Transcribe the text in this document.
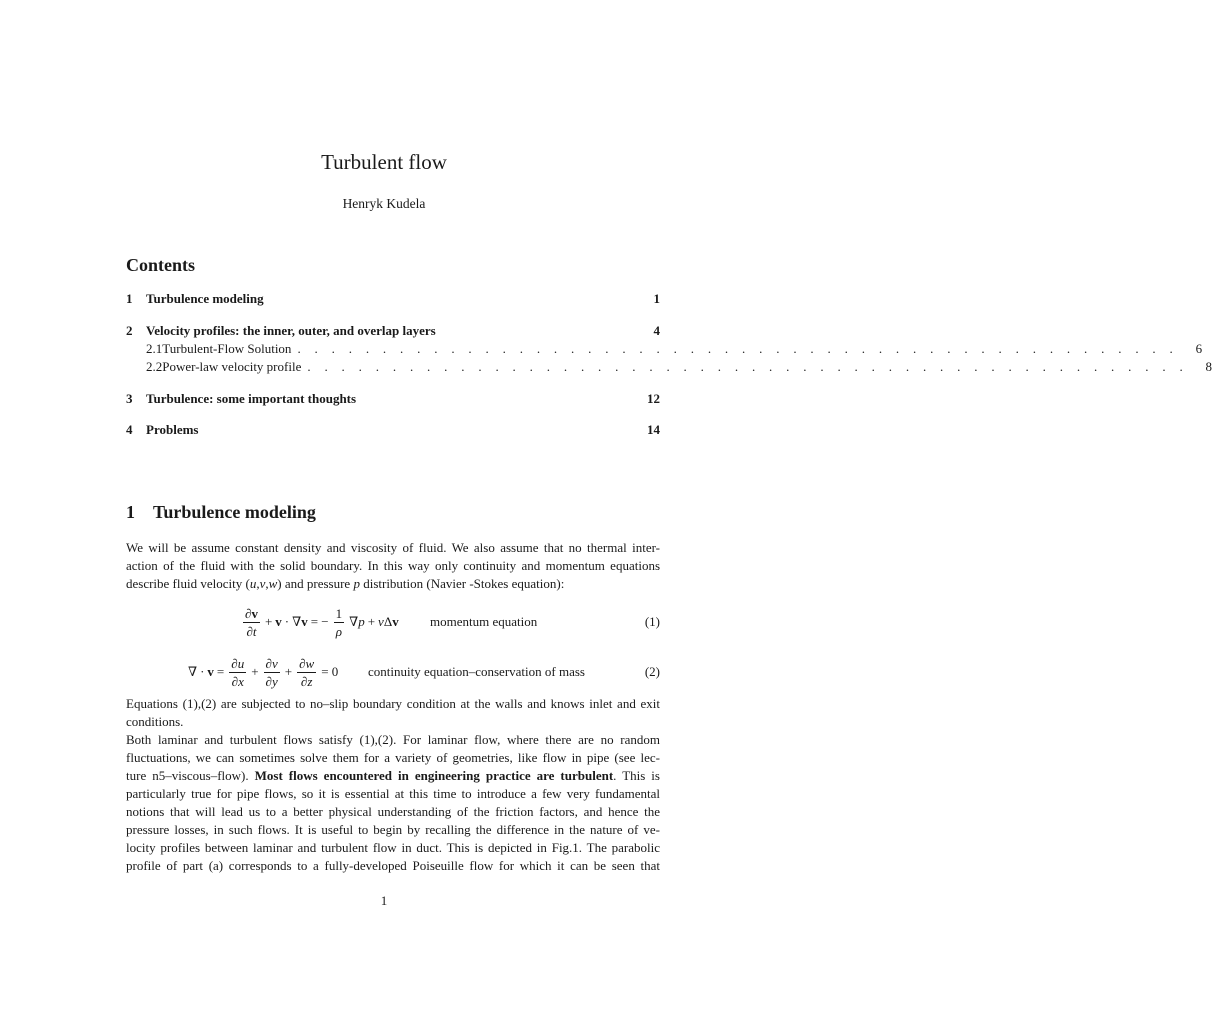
Turbulent flow
Henryk Kudela
Contents
1	Turbulence modeling	1
2	Velocity profiles: the inner, outer, and overlap layers	4
2.1 Turbulent-Flow Solution . . . . . . . . . . . . . . . . . . . . . . . . . . . . . . . . . . . . . . . . . . . . . . . . . . . .	6
2.2 Power-law velocity profile . . . . . . . . . . . . . . . . . . . . . . . . . . . . . . . . . . . . . . . . . . . . . . . . . . . .	8
3	Turbulence: some important thoughts	12
4	Problems	14
1 Turbulence modeling
We will be assume constant density and viscosity of fluid. We also assume that no thermal inter-
action of the fluid with the solid boundary. In this way only continuity and momentum equations
describe fluid velocity (u,v,w) and pressure p distribution (Navier -Stokes equation):
$\frac{\partial v}{\partial t} + v$ · ∇ v = − $\frac{1}{\rho}$ ∇ p + ν Δ v momentum equation	(1)
∇ · $v = \frac{\partial u}{\partial x} + \frac{\partial v}{\partial y} + \frac{\partial w}{\partial z} = 0$ continuity equation–conservation of mass	(2)
Equations (1),(2) are subjected to no–slip boundary condition at the walls and knows inlet and exit
conditions.
Both laminar and turbulent flows satisfy (1),(2). For laminar flow, where there are no random
fluctuations, we can sometimes solve them for a variety of geometries, like flow in pipe (see lec-
ture n5–viscous–flow). Most flows encountered in engineering practice are turbulent. This is
particularly true for pipe flows, so it is essential at this time to introduce a few very fundamental
notions that will lead us to a better physical understanding of the friction factors, and hence the
pressure losses, in such flows. It is useful to begin by recalling the difference in the nature of ve-
locity profiles between laminar and turbulent flow in duct. This is depicted in Fig.1. The parabolic
profile of part (a) corresponds to a fully-developed Poiseuille flow for which it can be seen that
1
